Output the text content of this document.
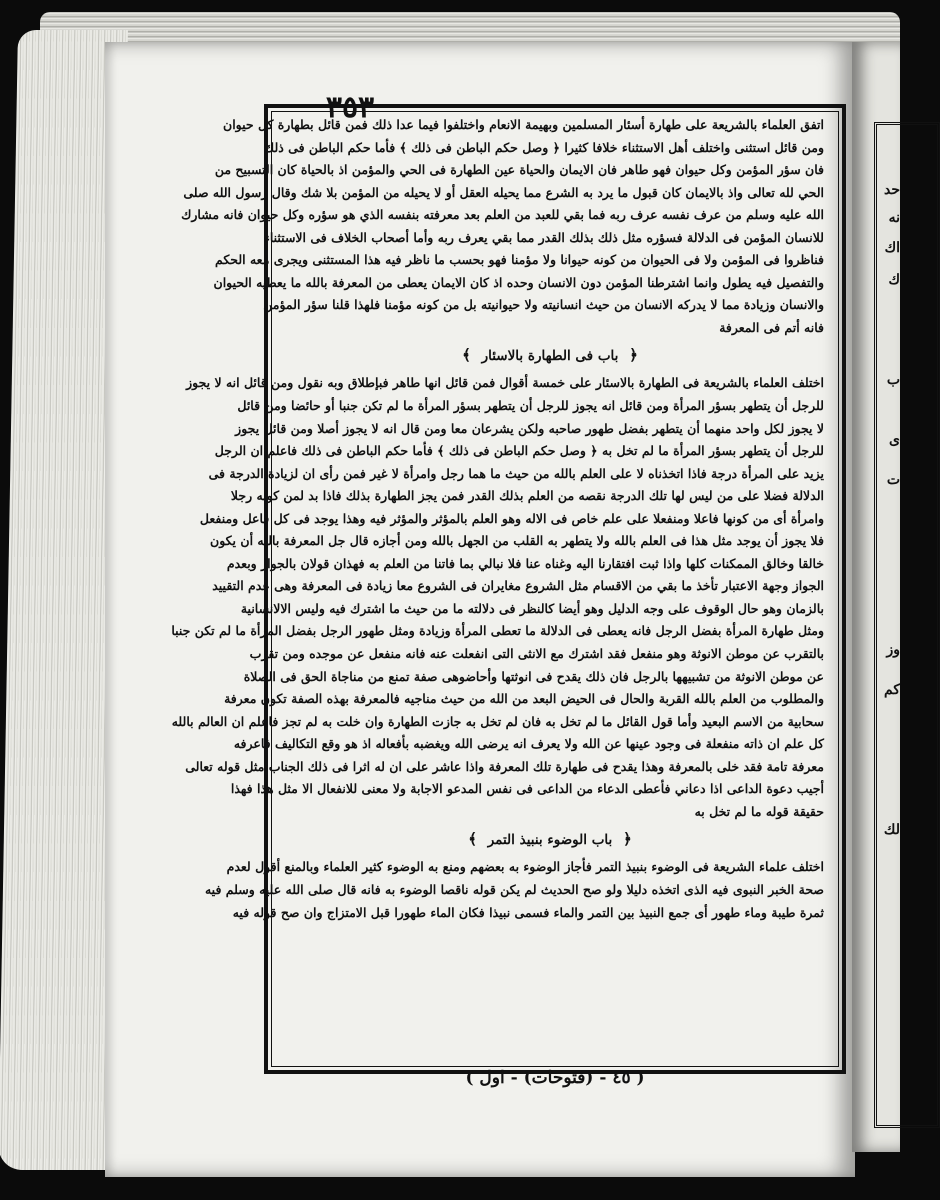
حد
نه
اك
ك
ب
ى
ت
وز
كم
لك
٣٥٣
اتفق العلماء بالشريعة على طهارة أسئار المسلمين وبهيمة الانعام واختلفوا فيما عدا ذلك فمن قائل بطهارة كل حيوان
ومن قائل استثنى واختلف أهل الاستثناء خلافا كثيرا ﴿ وصل حكم الباطن فى ذلك ﴾ فأما حكم الباطن فى ذلك
فان سؤر المؤمن وكل حيوان فهو طاهر فان الايمان والحياة عين الطهارة فى الحي والمؤمن اذ بالحياة كان التسبيح من
الحي لله تعالى واذ بالايمان كان قبول ما يرد به الشرع مما يحيله العقل أو لا يحيله من المؤمن بلا شك وقال رسول الله صلى
الله عليه وسلم من عرف نفسه عرف ربه فما بقي للعبد من العلم بعد معرفته بنفسه الذي هو سؤره وكل حيوان فانه مشارك
للانسان المؤمن فى الدلالة فسؤره مثل ذلك بذلك القدر مما بقي يعرف ربه وأما أصحاب الخلاف فى الاستثناء
فناظروا فى المؤمن ولا فى الحيوان من كونه حيوانا ولا مؤمنا فهو بحسب ما ناظر فيه هذا المستثنى ويجرى معه الحكم
والتفصيل فيه يطول وانما اشترطنا المؤمن دون الانسان وحده اذ كان الايمان يعطى من المعرفة بالله ما يعطيه الحيوان
والانسان وزيادة مما لا يدركه الانسان من حيث انسانيته ولا حيوانيته بل من كونه مؤمنا فلهذا قلنا سؤر المؤمن
فانه أتم فى المعرفة
﴿ باب فى الطهارة بالاسئار ﴾
اختلف العلماء بالشريعة فى الطهارة بالاسئار على خمسة أقوال فمن قائل انها طاهر فبإطلاق وبه نقول ومن قائل انه لا يجوز
للرجل أن يتطهر بسؤر المرأة ومن قائل انه يجوز للرجل أن يتطهر بسؤر المرأة ما لم تكن جنبا أو حائضا ومن قائل
لا يجوز لكل واحد منهما أن يتطهر بفضل طهور صاحبه ولكن يشرعان معا ومن قال انه لا يجوز أصلا ومن قائل يجوز
للرجل أن يتطهر بسؤر المرأة ما لم تخل به ﴿ وصل حكم الباطن فى ذلك ﴾ فأما حكم الباطن فى ذلك فاعلم ان الرجل
يزيد على المرأة درجة فاذا اتخذناه لا على العلم بالله من حيث ما هما رجل وامرأة لا غير فمن رأى ان لزيادة الدرجة فى
الدلالة فضلا على من ليس لها تلك الدرجة نقصه من العلم بذلك القدر فمن يجز الطهارة بذلك فاذا بد لمن كونه رجلا
وامرأة أى من كونها فاعلا ومنفعلا على علم خاص فى الاله وهو العلم بالمؤثر والمؤثر فيه وهذا يوجد فى كل فاعل ومنفعل
فلا يجوز أن يوجد مثل هذا فى العلم بالله ولا يتطهر به القلب من الجهل بالله ومن أجازه قال جل المعرفة بالله أن يكون
خالقا وخالق الممكنات كلها واذا ثبت افتقارنا اليه وغناه عنا فلا نبالي بما فاتنا من العلم به فهذان قولان بالجواز وبعدم
الجواز وجهة الاعتبار تأخذ ما بقي من الاقسام مثل الشروع مغايران فى الشروع معا زيادة فى المعرفة وهى عدم التقييد
بالزمان وهو حال الوقوف على وجه الدليل وهو أيضا كالنظر فى دلالته ما من حيث ما اشترك فيه وليس الالانسانية
ومثل طهارة المرأة بفضل الرجل فانه يعطى فى الدلالة ما تعطى المرأة وزيادة ومثل طهور الرجل بفضل المرأة ما لم تكن جنبا
بالتقرب عن موطن الانوثة وهو منفعل فقد اشترك مع الانثى التى انفعلت عنه فانه منفعل عن موجده ومن تقرب
عن موطن الانوثة من تشبيهها بالرجل فان ذلك يقدح فى انوثتها وأحاضوهى صفة تمنع من مناجاة الحق فى الصلاة
والمطلوب من العلم بالله القربة والحال فى الحيض البعد من الله من حيث مناجيه فالمعرفة بهذه الصفة تكون معرفة
سحابية من الاسم البعيد وأما قول القائل ما لم تخل به فان لم تخل به جازت الطهارة وان خلت به لم تجز فاعلم ان العالم بالله
كل علم ان ذاته منفعلة فى وجود عينها عن الله ولا يعرف انه يرضى الله ويغضبه بأفعاله اذ هو وقع التكاليف فاعرفه
معرفة تامة فقد خلى بالمعرفة وهذا يقدح فى طهارة تلك المعرفة واذا عاشر على ان له اثرا فى ذلك الجناب مثل قوله تعالى
أجيب دعوة الداعى اذا دعاني فأعطى الدعاء من الداعى فى نفس المدعو الاجابة ولا معنى للانفعال الا مثل هذا فهذا
حقيقة قوله ما لم تخل به
﴿ باب الوضوء بنبيذ التمر ﴾
اختلف علماء الشريعة فى الوضوء بنبيذ التمر فأجاز الوضوء به بعضهم ومنع به الوضوء كثير العلماء وبالمنع أقول لعدم
صحة الخبر النبوى فيه الذى اتخذه دليلا ولو صح الحديث لم يكن قوله ناقصا الوضوء به فانه قال صلى الله عليه وسلم فيه
ثمرة طيبة وماء طهور أى جمع النبيذ بين التمر والماء فسمى نبيذا فكان الماء طهورا قبل الامتزاج وان صح قوله فيه
( ٤٥ - (فتوحات) - اول )
